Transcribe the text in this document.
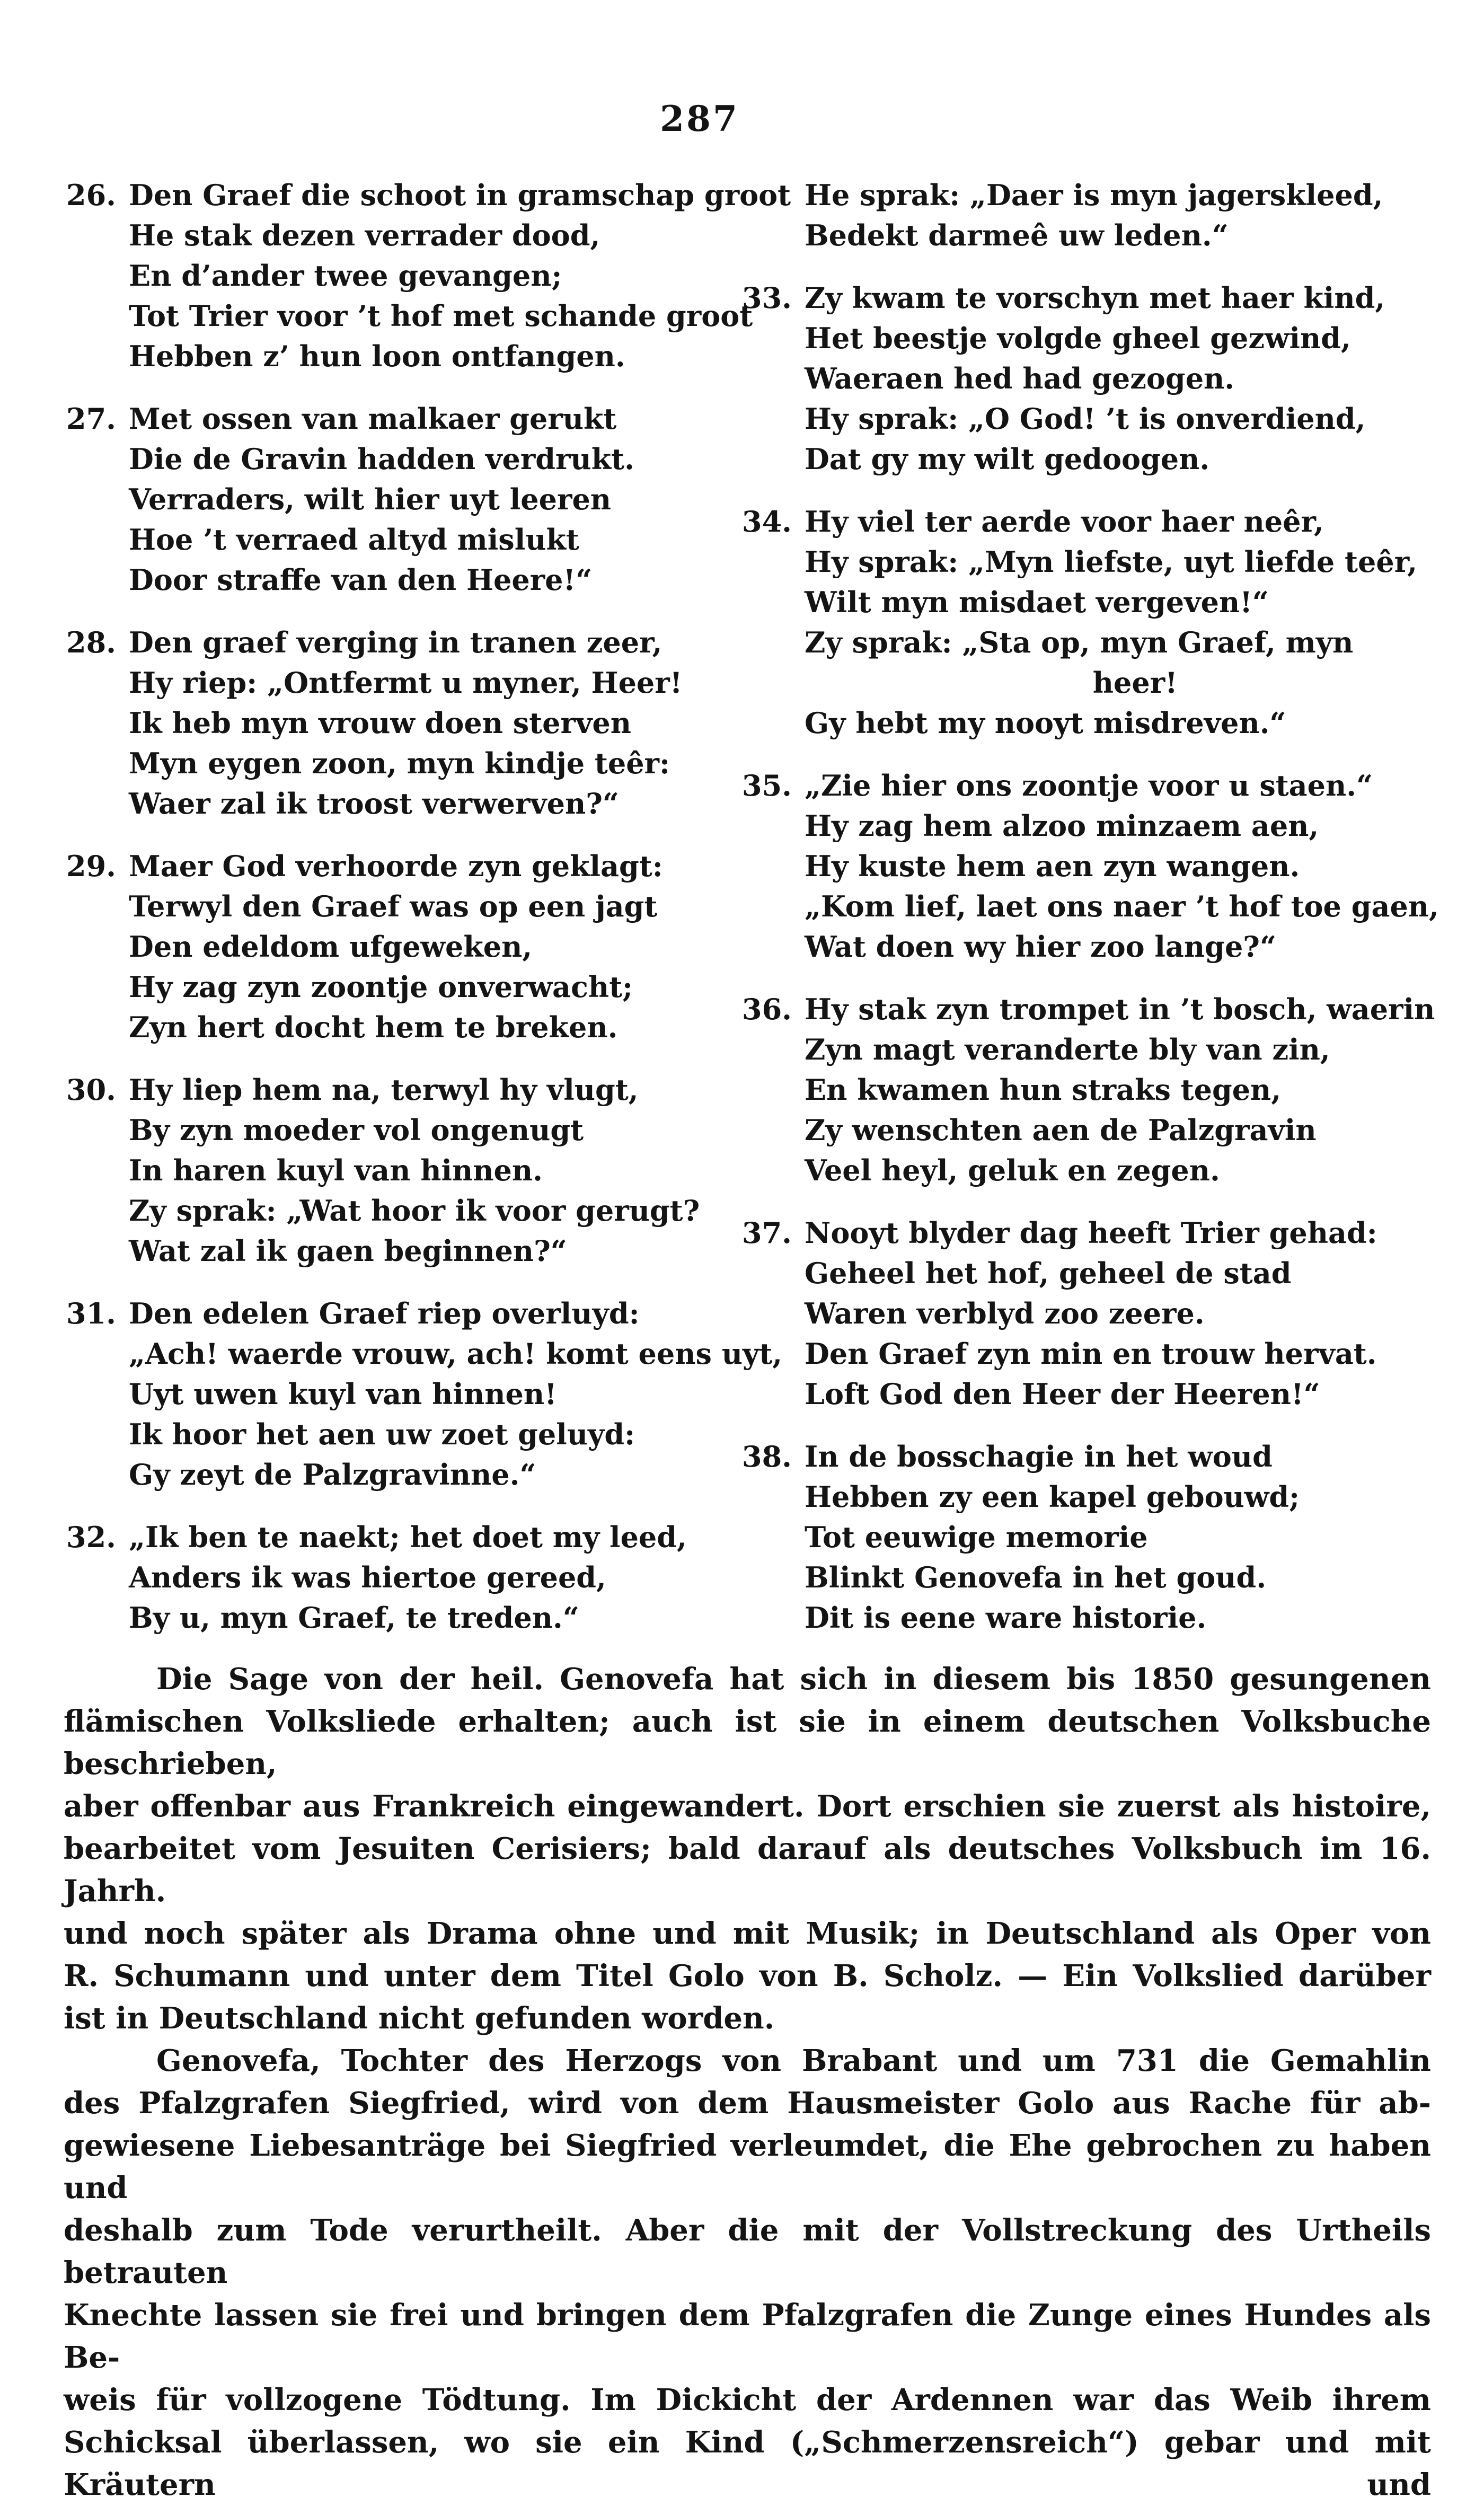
287
26. Den Graef die schoot in gramschap groot
He stak dezen verrader dood,
En d’ander twee gevangen;
Tot Trier voor ’t hof met schande groot
Hebben z’ hun loon ontfangen.
27. Met ossen van malkaer gerukt
Die de Gravin hadden verdrukt.
Verraders, wilt hier uyt leeren
Hoe ’t verraed altyd mislukt
Door straffe van den Heere!“
28. Den graef verging in tranen zeer,
Hy riep: „Ontfermt u myner, Heer!
Ik heb myn vrouw doen sterven
Myn eygen zoon, myn kindje teêr:
Waer zal ik troost verwerven?“
29. Maer God verhoorde zyn geklagt:
Terwyl den Graef was op een jagt
Den edeldom ufgeweken,
Hy zag zyn zoontje onverwacht;
Zyn hert docht hem te breken.
30. Hy liep hem na, terwyl hy vlugt,
By zyn moeder vol ongenugt
In haren kuyl van hinnen.
Zy sprak: „Wat hoor ik voor gerugt?
Wat zal ik gaen beginnen?“
31. Den edelen Graef riep overluyd:
„Ach! waerde vrouw, ach! komt eens uyt,
Uyt uwen kuyl van hinnen!
Ik hoor het aen uw zoet geluyd:
Gy zeyt de Palzgravinne.“
32. „Ik ben te naekt; het doet my leed,
Anders ik was hiertoe gereed,
By u, myn Graef, te treden.“
He sprak: „Daer is myn jagerskleed,
Bedekt darmeê uw leden.“
33. Zy kwam te vorschyn met haer kind,
Het beestje volgde gheel gezwind,
Waeraen hed had gezogen.
Hy sprak: „O God! ’t is onverdiend,
Dat gy my wilt gedoogen.
34. Hy viel ter aerde voor haer neêr,
Hy sprak: „Myn liefste, uyt liefde teêr,
Wilt myn misdaet vergeven!“
Zy sprak: „Sta op, myn Graef, myn
heer!
Gy hebt my nooyt misdreven.“
35. „Zie hier ons zoontje voor u staen.“
Hy zag hem alzoo minzaem aen,
Hy kuste hem aen zyn wangen.
„Kom lief, laet ons naer ’t hof toe gaen,
Wat doen wy hier zoo lange?“
36. Hy stak zyn trompet in ’t bosch, waerin
Zyn magt veranderte bly van zin,
En kwamen hun straks tegen,
Zy wenschten aen de Palzgravin
Veel heyl, geluk en zegen.
37. Nooyt blyder dag heeft Trier gehad:
Geheel het hof, geheel de stad
Waren verblyd zoo zeere.
Den Graef zyn min en trouw hervat.
Loft God den Heer der Heeren!“
38. In de bosschagie in het woud
Hebben zy een kapel gebouwd;
Tot eeuwige memorie
Blinkt Genovefa in het goud.
Dit is eene ware historie.
Die Sage von der heil. Genovefa hat sich in diesem bis 1850 gesungenen
flämischen Volksliede erhalten; auch ist sie in einem deutschen Volksbuche beschrieben,
aber offenbar aus Frankreich eingewandert. Dort erschien sie zuerst als histoire,
bearbeitet vom Jesuiten Cerisiers; bald darauf als deutsches Volksbuch im 16. Jahrh.
und noch später als Drama ohne und mit Musik; in Deutschland als Oper von
R. Schumann und unter dem Titel Golo von B. Scholz. — Ein Volkslied darüber
ist in Deutschland nicht gefunden worden.
Genovefa, Tochter des Herzogs von Brabant und um 731 die Gemahlin
des Pfalzgrafen Siegfried, wird von dem Hausmeister Golo aus Rache für ab-
gewiesene Liebesanträge bei Siegfried verleumdet, die Ehe gebrochen zu haben und
deshalb zum Tode verurtheilt. Aber die mit der Vollstreckung des Urtheils betrauten
Knechte lassen sie frei und bringen dem Pfalzgrafen die Zunge eines Hundes als Be-
weis für vollzogene Tödtung. Im Dickicht der Ardennen war das Weib ihrem
Schicksal überlassen, wo sie ein Kind („Schmerzensreich“) gebar und mit Kräutern und
